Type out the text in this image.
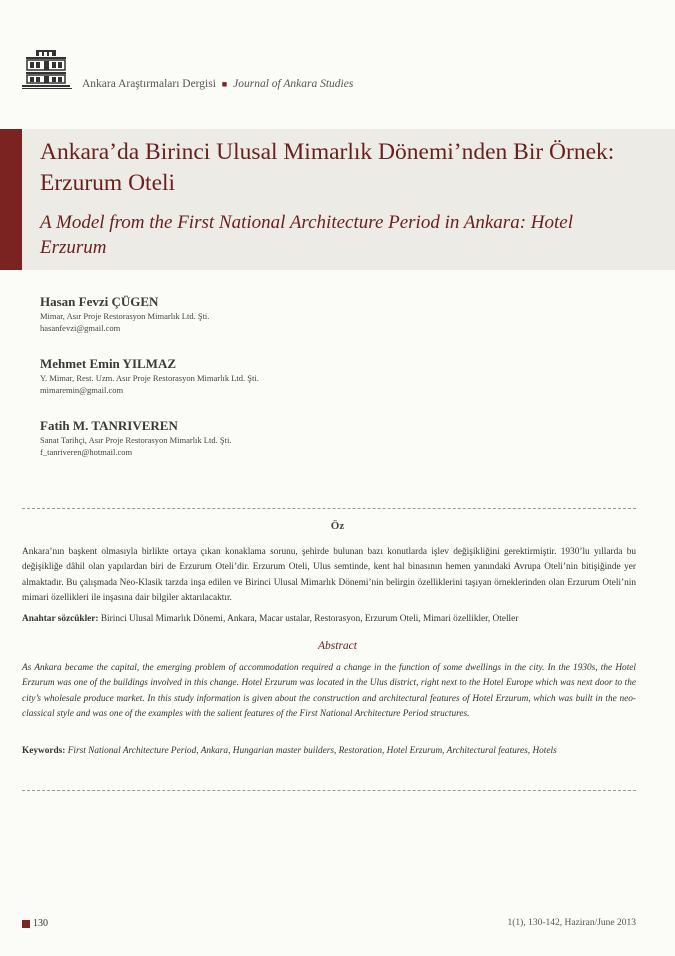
Ankara Araştırmaları Dergisi ■ Journal of Ankara Studies
Ankara’da Birinci Ulusal Mimarlık Dönemi’nden Bir Örnek: Erzurum Oteli
A Model from the First National Architecture Period in Ankara: Hotel Erzurum
Hasan Fevzi ÇÜGEN
Mimar, Asır Proje Restorasyon Mimarlık Ltd. Şti.
hasanfevzi@gmail.com
Mehmet Emin YILMAZ
Y. Mimar, Rest. Uzm. Asır Proje Restorasyon Mimarlık Ltd. Şti.
mimaremin@gmail.com
Fatih M. TANRIVEREN
Sanat Tarihçi, Asır Proje Restorasyon Mimarlık Ltd. Şti.
f_tanriveren@hotmail.com
Öz
Ankara’nın başkent olmasıyla birlikte ortaya çıkan konaklama sorunu, şehirde bulunan bazı konutlarda işlev değişikliğini gerektirmiştir. 1930’lu yıllarda bu değişikliğe dâhil olan yapılardan biri de Erzurum Oteli’dir. Erzurum Oteli, Ulus semtinde, kent hal binasının hemen yanındaki Avrupa Oteli’nin bitişiğinde yer almaktadır. Bu çalışmada Neo-Klasik tarzda inşa edilen ve Birinci Ulusal Mimarlık Dönemi’nin belirgin özelliklerini taşıyan örneklerinden olan Erzurum Oteli’nin mimari özellikleri ile inşasına dair bilgiler aktarılacaktır.
Anahtar sözcükler: Birinci Ulusal Mimarlık Dönemi, Ankara, Macar ustalar, Restorasyon, Erzurum Oteli, Mimari özellikler, Oteller
Abstract
As Ankara became the capital, the emerging problem of accommodation required a change in the function of some dwellings in the city. In the 1930s, the Hotel Erzurum was one of the buildings involved in this change. Hotel Erzurum was located in the Ulus district, right next to the Hotel Europe which was next door to the city’s wholesale produce market. In this study information is given about the construction and architectural features of Hotel Erzurum, which was built in the neo-classical style and was one of the examples with the salient features of the First National Architecture Period structures.
Keywords: First National Architecture Period, Ankara, Hungarian master builders, Restoration, Hotel Erzurum, Architectural features, Hotels
130	1(1), 130-142, Haziran/June 2013
